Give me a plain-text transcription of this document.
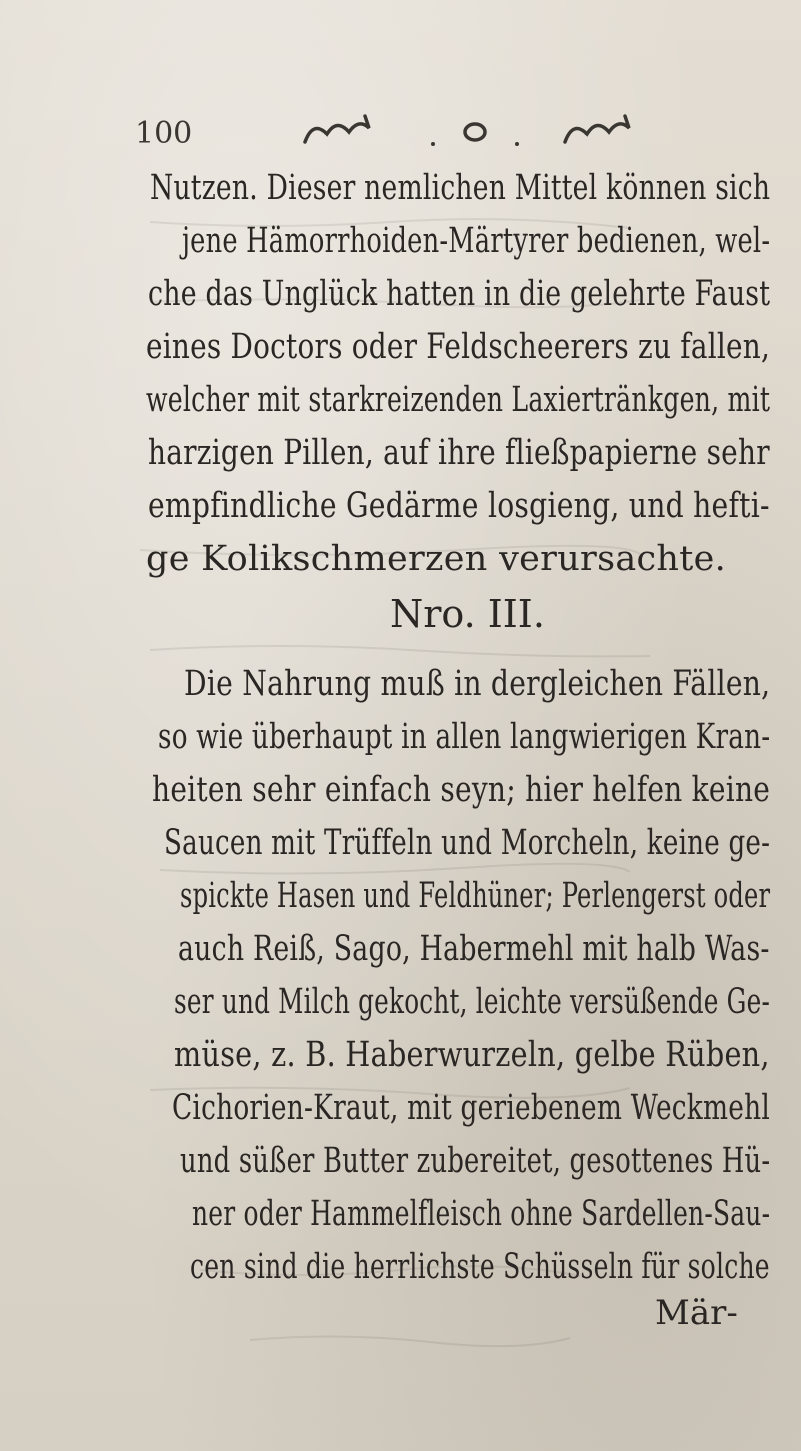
100
Nutzen. Dieser nemlichen Mittel können sich
jene Hämorrhoiden-Märtyrer bedienen, wel-
che das Unglück hatten in die gelehrte Faust
eines Doctors oder Feldscheerers zu fallen,
welcher mit starkreizenden Laxiertränkgen, mit
harzigen Pillen, auf ihre fließpapierne sehr
empfindliche Gedärme losgieng, und hefti-
ge Kolikschmerzen verursachte.
Nro. III.
Die Nahrung muß in dergleichen Fällen,
so wie überhaupt in allen langwierigen Kran-
heiten sehr einfach seyn; hier helfen keine
Saucen mit Trüffeln und Morcheln, keine ge-
spickte Hasen und Feldhüner; Perlengerst oder
auch Reiß, Sago, Habermehl mit halb Was-
ser und Milch gekocht, leichte versüßende Ge-
müse, z. B. Haberwurzeln, gelbe Rüben,
Cichorien-Kraut, mit geriebenem Weckmehl
und süßer Butter zubereitet, gesottenes Hü-
ner oder Hammelfleisch ohne Sardellen-Sau-
cen sind die herrlichste Schüsseln für solche
Mär-
